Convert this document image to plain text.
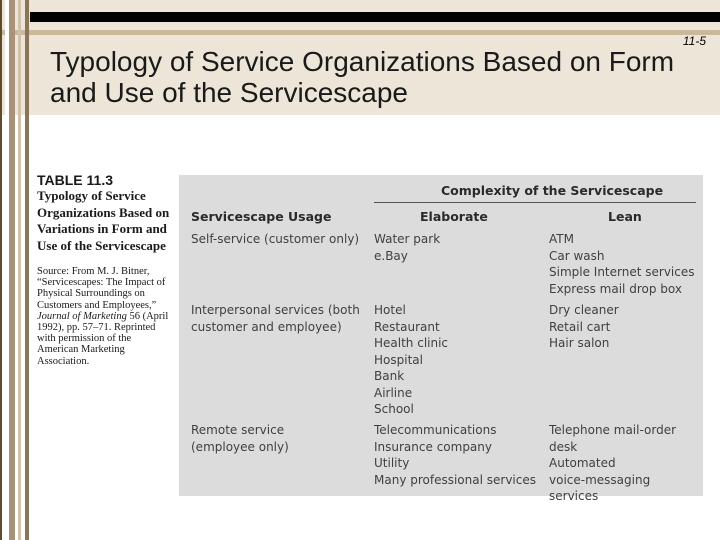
11-5
Typology of Service Organizations Based on Form and Use of the Servicescape
TABLE 11.3
Typology of Service Organizations Based on Variations in Form and Use of the Servicescape
Source: From M. J. Bitner, “Servicescapes: The Impact of Physical Surroundings on Customers and Employees,” Journal of Marketing 56 (April 1992), pp. 57–71. Reprinted with permission of the American Marketing Association.
Complexity of the Servicescape
Servicescape Usage	Elaborate	Lean
Self-service (customer only) Water park
e.Bay
ATM
Car wash
Simple Internet services
Express mail drop box
Interpersonal services (both
customer and employee)
Hotel
Restaurant
Health clinic
Hospital
Bank
Airline
School
Dry cleaner
Retail cart
Hair salon
Remote service
(employee only)
Telecommunications
Insurance company
Utility
Many professional services
Telephone mail-order desk
Automated
voice-messaging services
